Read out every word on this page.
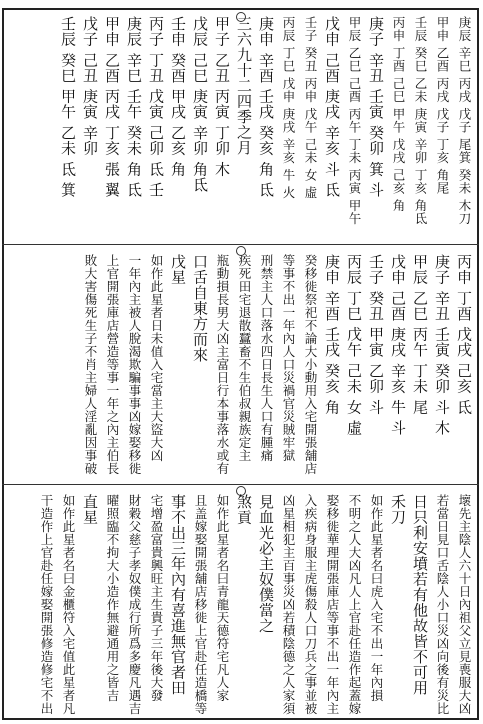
庚辰 辛巳 丙戌 戊子 尾箕 癸未 木刀
甲申 乙酉 丙戌 戊子 丁亥 角尾
壬辰 癸巳 乙未 庚寅 辛卯 丁亥 角氐
丙申 丁酉 己巳 甲午 戊戌 己亥 角
庚子 辛丑 壬寅 癸卯 箕 斗
甲辰 乙巳 己酉 丙午 丁未 丙寅 甲午
戊申 己酉 庚戌 辛亥 斗 氐
壬子 癸丑 丙申 戊午 己未 女 虛
丙辰 丁巳 戊申 庚戌 辛亥 牛 火
庚申 辛酉 壬戌 癸亥 角 氐
三六九十二四季之月
甲子 乙丑 丙寅 丁卯 木
戊辰 己巳 庚寅 辛卯 角氐
壬申 癸酉 甲戌 乙亥 角
丙子 丁丑 戊寅 己卯 氐 壬
庚辰 辛巳 壬午 癸未 角 氐
甲申 乙酉 丙戌 丁亥 張 翼
戊子 己丑 庚寅 辛卯
壬辰 癸巳 甲午 乙未 氐 箕
丙申 丁酉 戊戌 己亥 氐
庚子 辛丑 壬寅 癸卯 斗 木
甲辰 乙巳 丙午 丁未 尾
戊申 己酉 庚戌 辛亥 牛 斗
壬子 癸丑 甲寅 乙卯 斗
丙辰 丁巳 戊午 己未 女 虛
庚申 辛酉 壬戌 癸亥 角
癸移徙祭祀不論大小動用入宅開張舖店
等事不出一年內人口災禍官災賊牢獄
刑禁主人口落水四日長生人口有腫痛
疾死田宅退散蠶畜不生伯叔親族定主
瓶動損長男大凶主富日行本事落水或有
口舌自東方而來
戊星
如作此星者日未值入宅當主大盜大凶
一年內主被人脫渴欺騙事事凶嫁娶移徙
上官開張庫店營造等事一年之內主伯長
敗大害傷死生子不肖主婦人淫亂因事破
壞先主陰人六十日內祖父立見喪服大凶
若當日見口舌陰人小口災凶向後有災比
日只利安墳若有他故皆不可用
禾刀
如作此星者名曰虎入宅不出一年內損
不明之人大凶凡人上官赴任造作起蓋嫁
娶移徙華理開張庫店等事不出一年內主
入疾病身服主虎傷殺人口刀兵之事並被
凶星相犯主百事災凶若積陰德之人家須
見血光必主奴僕當之
煞貢
如作此星者名曰青龍天德符宅凡人家
且盖嫁娶開張舖店移徙上官赴任造橋等
事不出三年內有喜進無官者田
宅增盈富貴興旺主生貴子三年後大發
財穀父慈子孝奴僕成行所爲多慶凡遇吉
曜照臨不拘大小造作無避通用之皆吉
直星
如作此星者名曰金櫃符入宅值此星者凡
干造作上官赴任嫁娶開張修造修宅不出
